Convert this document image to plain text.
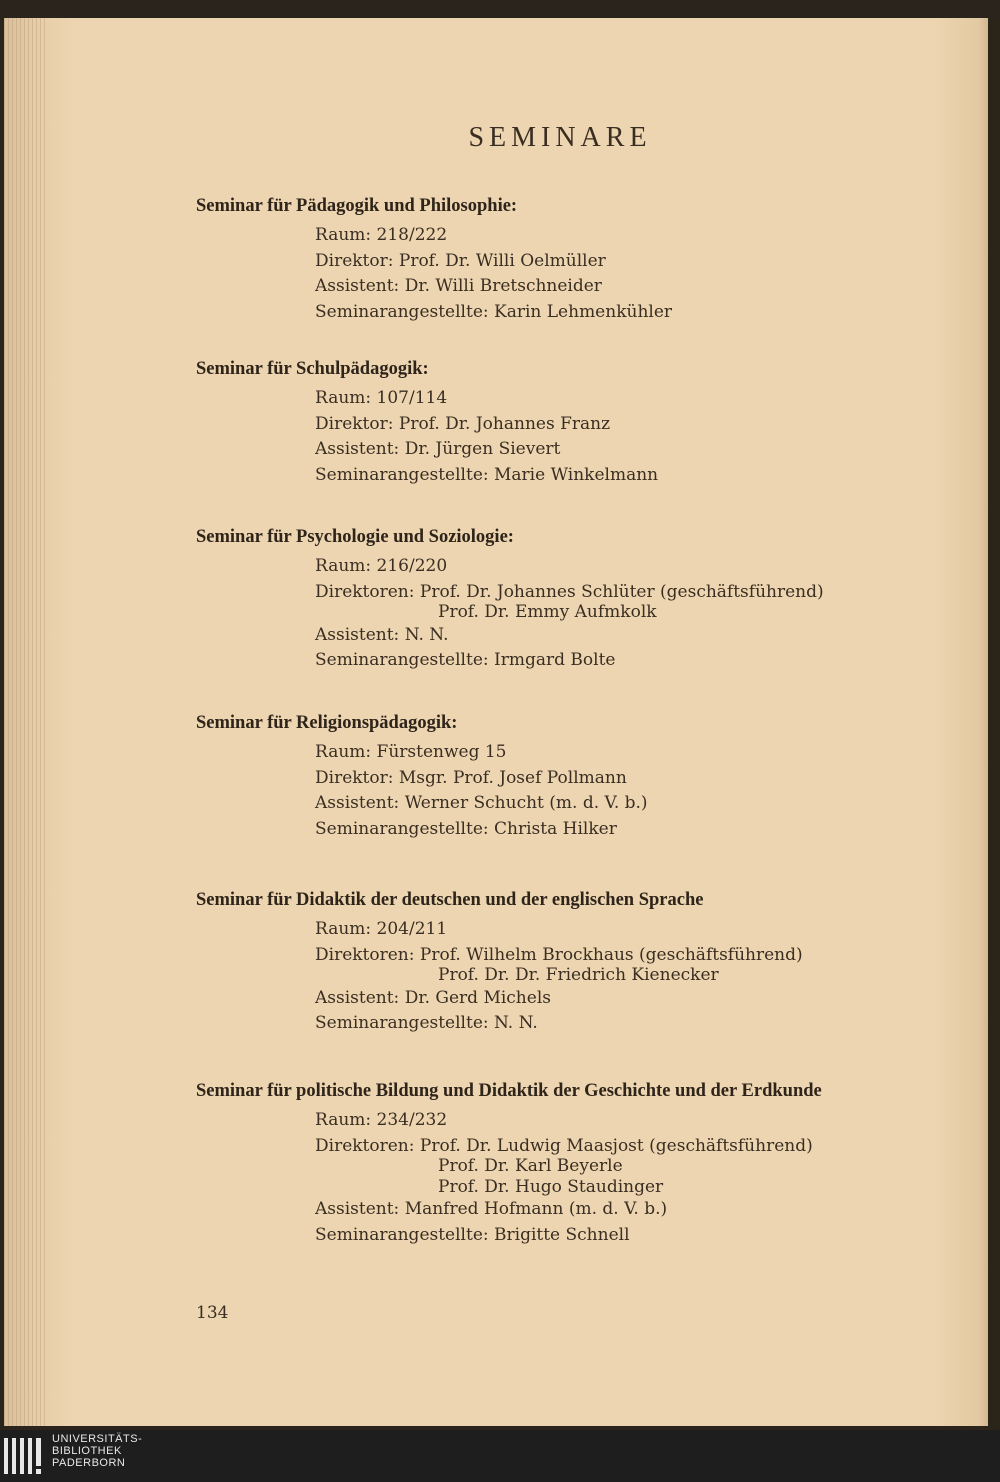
SEMINARE
Seminar für Pädagogik und Philosophie:
Raum: 218/222
Direktor: Prof. Dr. Willi Oelmüller
Assistent: Dr. Willi Bretschneider
Seminarangestellte: Karin Lehmenkühler
Seminar für Schulpädagogik:
Raum: 107/114
Direktor: Prof. Dr. Johannes Franz
Assistent: Dr. Jürgen Sievert
Seminarangestellte: Marie Winkelmann
Seminar für Psychologie und Soziologie:
Raum: 216/220
Direktoren: Prof. Dr. Johannes Schlüter (geschäftsführend)
Prof. Dr. Emmy Aufmkolk
Assistent: N. N.
Seminarangestellte: Irmgard Bolte
Seminar für Religionspädagogik:
Raum: Fürstenweg 15
Direktor: Msgr. Prof. Josef Pollmann
Assistent: Werner Schucht (m. d. V. b.)
Seminarangestellte: Christa Hilker
Seminar für Didaktik der deutschen und der englischen Sprache
Raum: 204/211
Direktoren: Prof. Wilhelm Brockhaus (geschäftsführend)
Prof. Dr. Dr. Friedrich Kienecker
Assistent: Dr. Gerd Michels
Seminarangestellte: N. N.
Seminar für politische Bildung und Didaktik der Geschichte und der Erdkunde
Raum: 234/232
Direktoren: Prof. Dr. Ludwig Maasjost (geschäftsführend)
Prof. Dr. Karl Beyerle
Prof. Dr. Hugo Staudinger
Assistent: Manfred Hofmann (m. d. V. b.)
Seminarangestellte: Brigitte Schnell
134
UNIVERSITÄTS-
BIBLIOTHEK
PADERBORN
